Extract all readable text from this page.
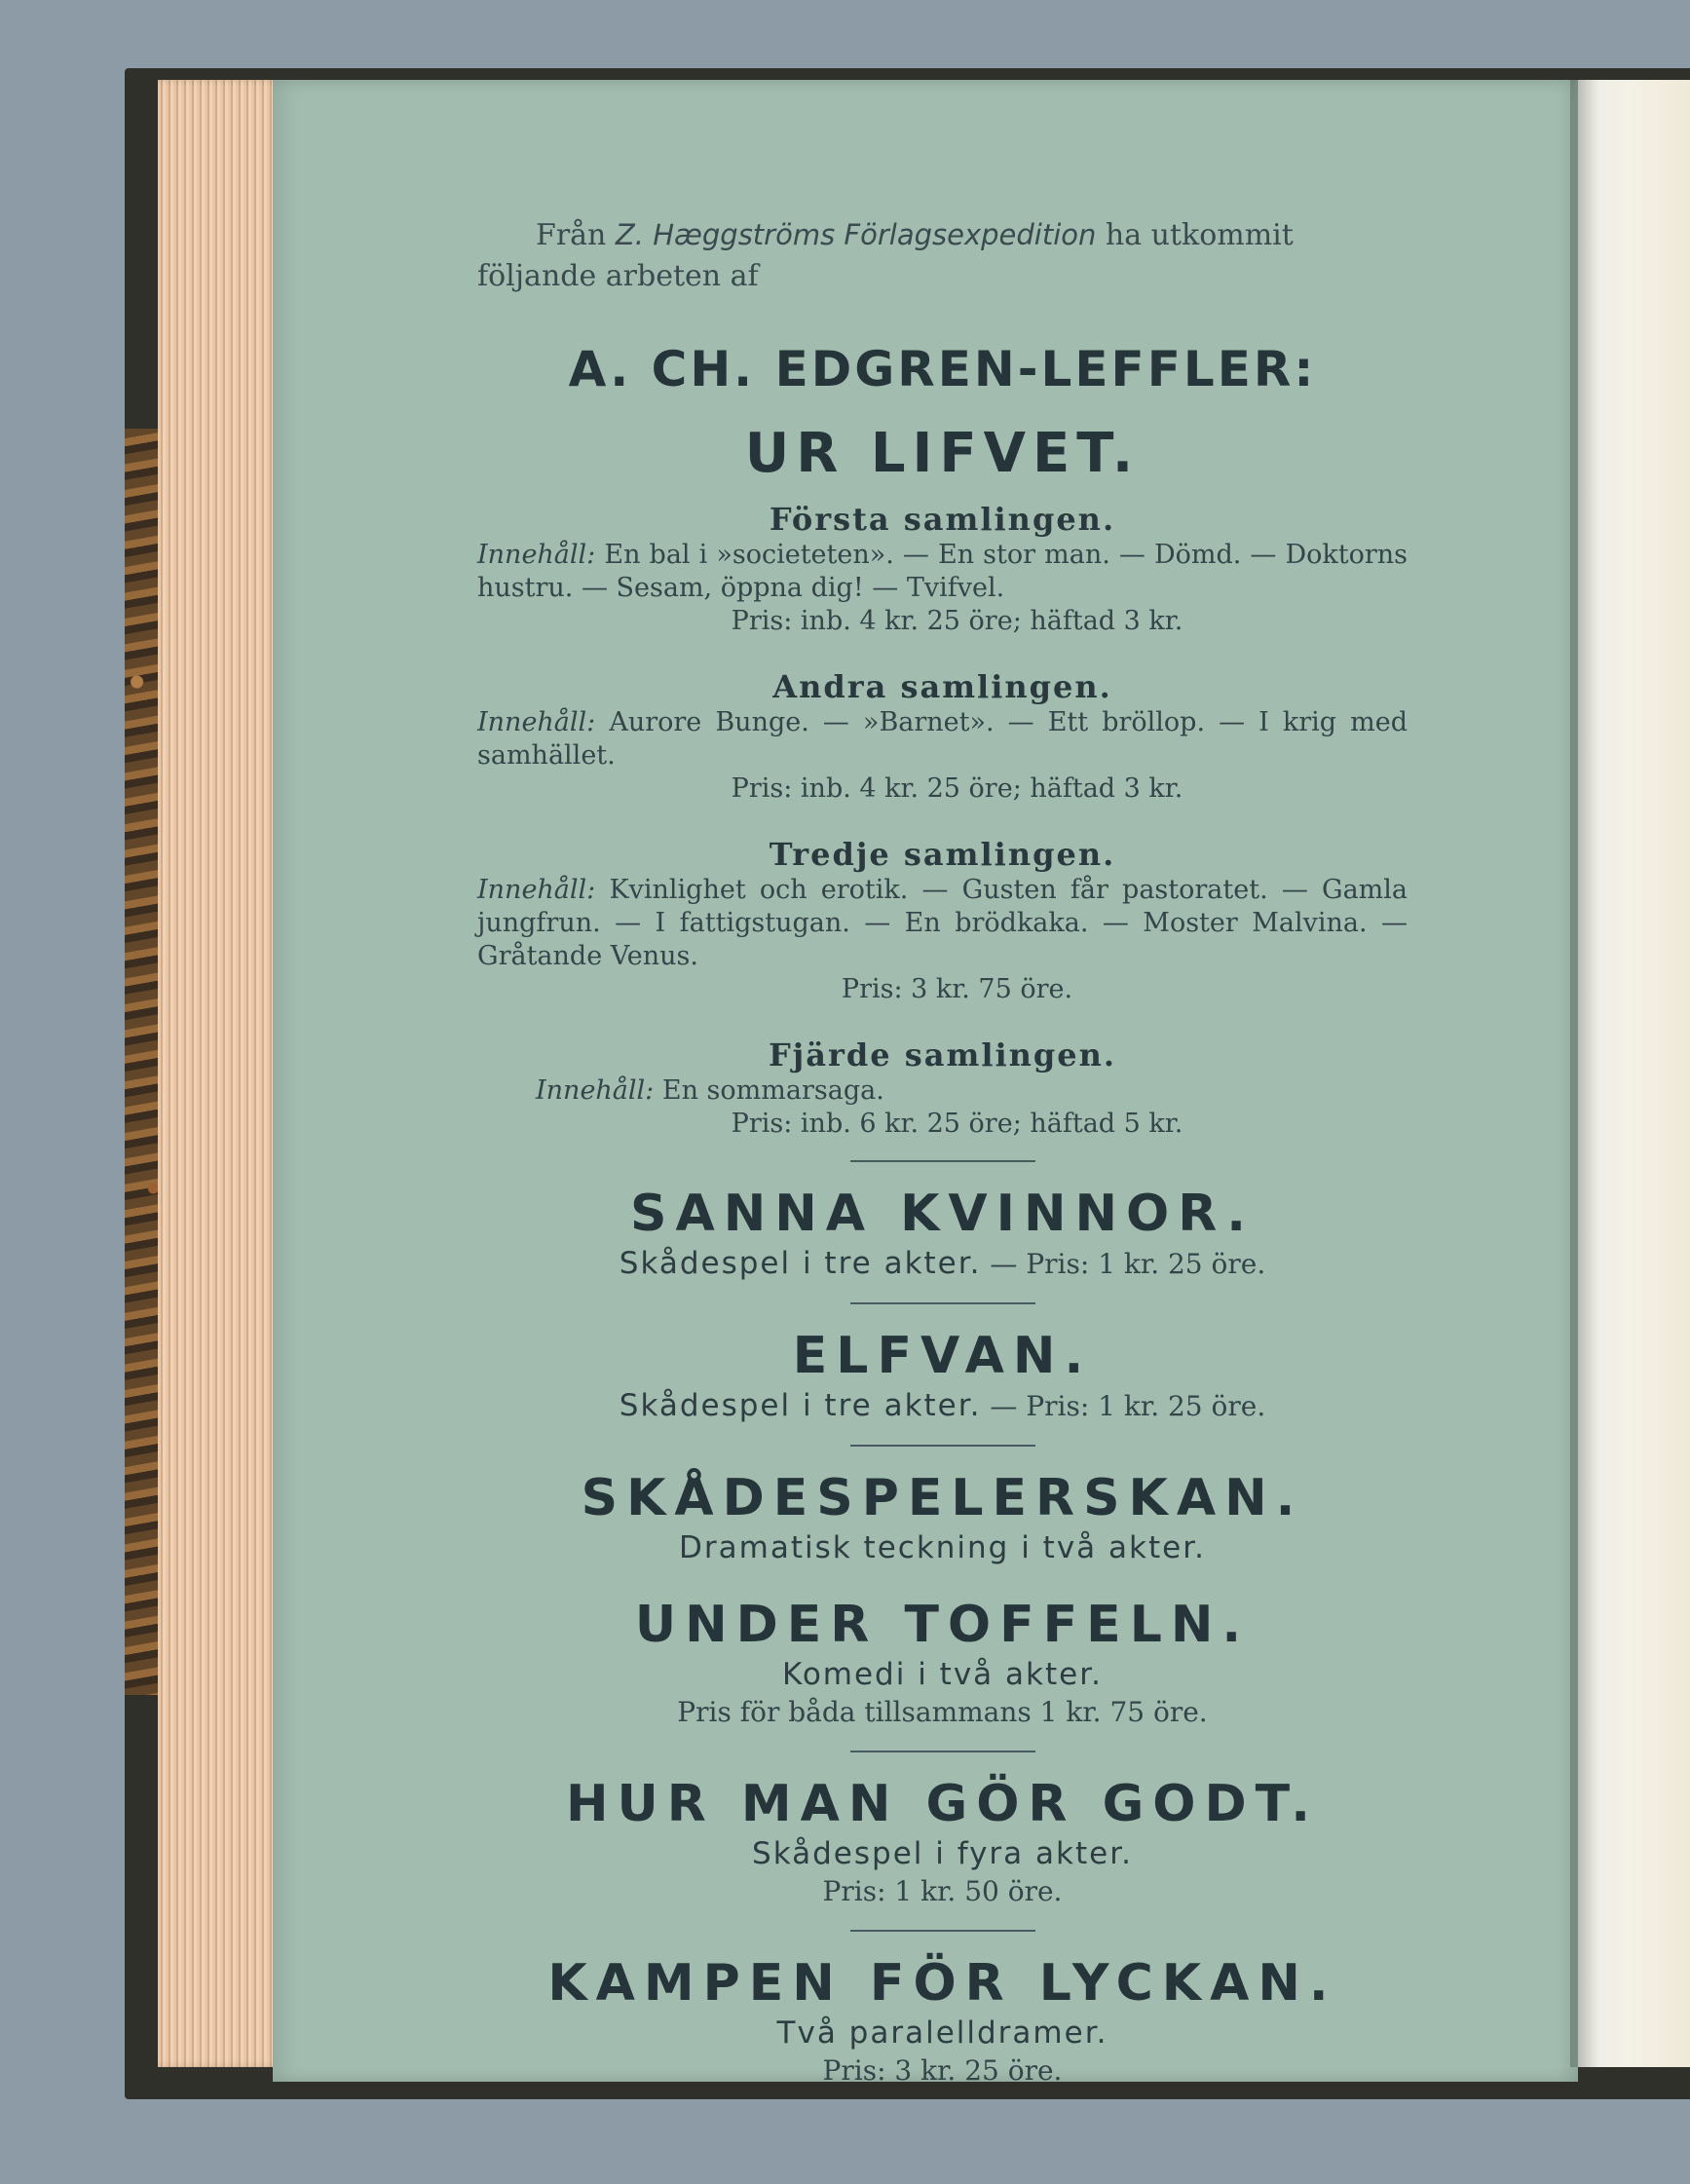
Från Z. Hæggströms Förlagsexpedition ha utkommit följande arbeten af

A. CH. EDGREN-LEFFLER:
UR LIFVET.
Första samlingen.

Innehåll: En bal i »societeten». — En stor man. — Dömd. — Doktorns hustru. — Sesam, öppna dig! — Tvifvel.

Pris: inb. 4 kr. 25 öre; häftad 3 kr.

Andra samlingen.

Innehåll: Aurore Bunge. — »Barnet». — Ett bröllop. — I krig med samhället.

Pris: inb. 4 kr. 25 öre; häftad 3 kr.

Tredje samlingen.

Innehåll: Kvinlighet och erotik. — Gusten får pastoratet. — Gamla jungfrun. — I fattigstugan. — En brödkaka. — Moster Malvina. — Gråtande Venus.

Pris: 3 kr. 75 öre.

Fjärde samlingen.

Innehåll: En sommarsaga.

Pris: inb. 6 kr. 25 öre; häftad 5 kr.

SANNA KVINNOR.

Skådespel i tre akter. — Pris: 1 kr. 25 öre.

ELFVAN.

Skådespel i tre akter. — Pris: 1 kr. 25 öre.

SKÅDESPELERSKAN.

Dramatisk teckning i två akter.

UNDER TOFFELN.

Komedi i två akter.

Pris för båda tillsammans 1 kr. 75 öre.

HUR MAN GÖR GODT.

Skådespel i fyra akter.

Pris: 1 kr. 50 öre.

KAMPEN FÖR LYCKAN.

Två paralelldramer.

Pris: 3 kr. 25 öre.
